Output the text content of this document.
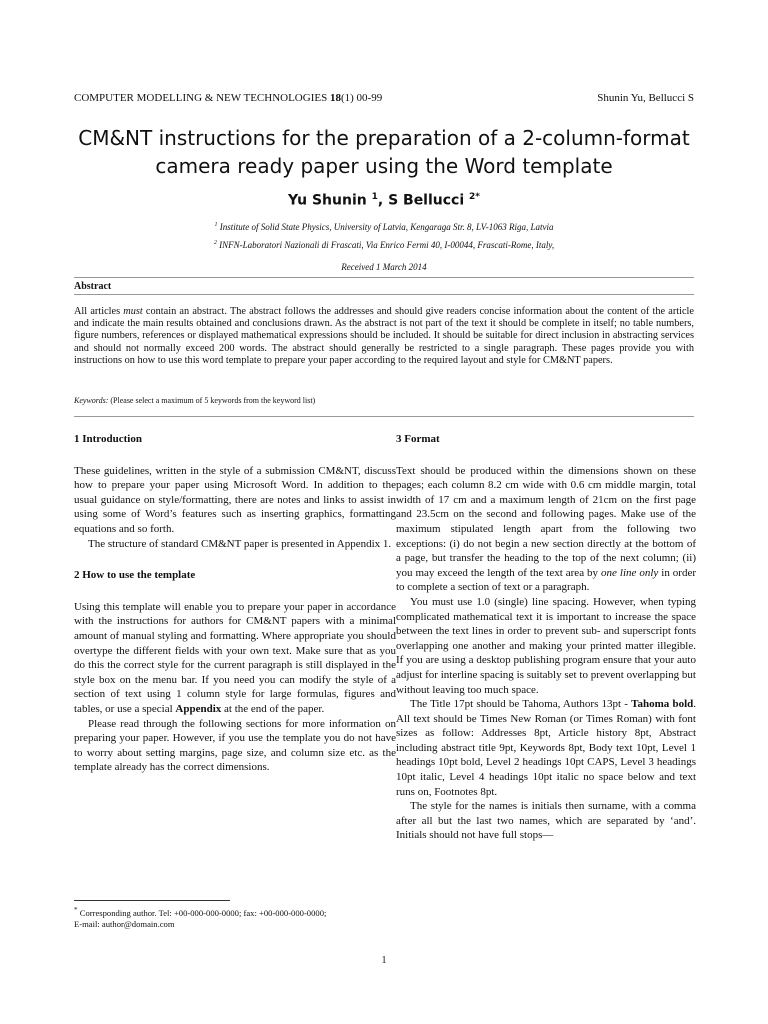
COMPUTER MODELLING & NEW TECHNOLOGIES 18(1) 00-99	Shunin Yu, Bellucci S
CM&NT instructions for the preparation of a 2-column-format camera ready paper using the Word template
Yu Shunin $^1$, S Bellucci $^{2*}$
$^1$ Institute of Solid State Physics, University of Latvia, Kengaraga Str. 8, LV-1063 Riga, Latvia
$^2$ INFN-Laboratori Nazionali di Frascati, Via Enrico Fermi 40, I-00044, Frascati-Rome, Italy,
Received 1 March 2014
Abstract
All articles must contain an abstract. The abstract follows the addresses and should give readers concise information about the content of the article and indicate the main results obtained and conclusions drawn. As the abstract is not part of the text it should be complete in itself; no table numbers, figure numbers, references or displayed mathematical expressions should be included. It should be suitable for direct inclusion in abstracting services and should not normally exceed 200 words. The abstract should generally be restricted to a single paragraph. These pages provide you with instructions on how to use this word template to prepare your paper according to the required layout and style for CM&NT papers.
Keywords: (Please select a maximum of 5 keywords from the keyword list)
1 Introduction

These guidelines, written in the style of a submission CM&NT, discuss how to prepare your paper using Microsoft Word. In addition to the usual guidance on style/formatting, there are notes and links to assist in using some of Word’s features such as inserting graphics, formatting equations and so forth.

The structure of standard CM&NT paper is presented in Appendix 1.

2 How to use the template

Using this template will enable you to prepare your paper in accordance with the instructions for authors for CM&NT papers with a minimal amount of manual styling and formatting. Where appropriate you should overtype the different fields with your own text. Make sure that as you do this the correct style for the current paragraph is still displayed in the style box on the menu bar. If you need you can modify the style of a section of text using 1 column style for large formulas, figures and tables, or use a special Appendix at the end of the paper.

Please read through the following sections for more information on preparing your paper. However, if you use the template you do not have to worry about setting margins, page size, and column size etc. as the template already has the correct dimensions.

3 Format

Text should be produced within the dimensions shown on these pages; each column 8.2 cm wide with 0.6 cm middle margin, total width of 17 cm and a maximum length of 21cm on the first page and 23.5cm on the second and following pages. Make use of the maximum stipulated length apart from the following two exceptions: (i) do not begin a new section directly at the bottom of a page, but transfer the heading to the top of the next column; (ii) you may exceed the length of the text area by one line only in order to complete a section of text or a paragraph.

You must use 1.0 (single) line spacing. However, when typing complicated mathematical text it is important to increase the space between the text lines in order to prevent sub- and superscript fonts overlapping one another and making your printed matter illegible. If you are using a desktop publishing program ensure that your auto adjust for interline spacing is suitably set to prevent overlapping but without leaving too much space.

The Title 17pt should be Tahoma, Authors 13pt - Tahoma bold. All text should be Times New Roman (or Times Roman) with font sizes as follow: Addresses 8pt, Article history 8pt, Abstract including abstract title 9pt, Keywords 8pt, Body text 10pt, Level 1 headings 10pt bold, Level 2 headings 10pt CAPS, Level 3 headings 10pt italic, Level 4 headings 10pt italic no space below and text runs on, Footnotes 8pt.

The style for the names is initials then surname, with a comma after all but the last two names, which are separated by ‘and’. Initials should not have full stops—

* Corresponding author. Tel: +00-000-000-0000; fax: +00-000-000-0000;
E-mail: author@domain.com
1
